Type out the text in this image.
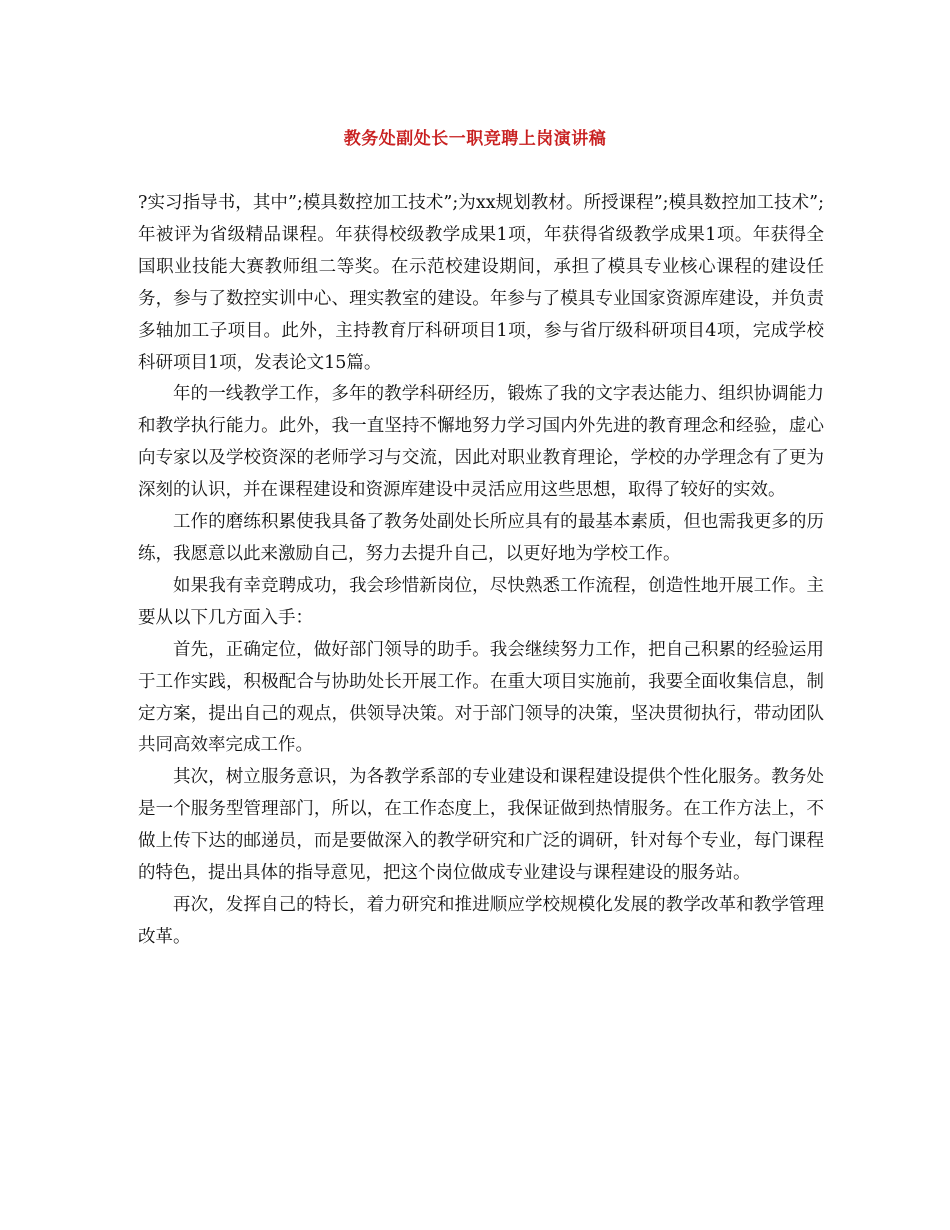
教务处副处长一职竞聘上岗演讲稿

?实习指导书，其中”;模具数控加工技术”;为xx规划教材。所授课程”;模具数控加工技术”; 年被评为省级精品课程。年获得校级教学成果1项，年获得省级教学成果1项。年获得全国职业技能大赛教师组二等奖。在示范校建设期间，承担了模具专业核心课程的建设任务，参与了数控实训中心、理实教室的建设。年参与了模具专业国家资源库建设，并负责多轴加工子项目。此外，主持教育厅科研项目1项，参与省厅级科研项目4项，完成学校科研项目1项，发表论文15篇。

年的一线教学工作，多年的教学科研经历，锻炼了我的文字表达能力、组织协调能力和教学执行能力。此外，我一直坚持不懈地努力学习国内外先进的教育理念和经验，虚心向专家以及学校资深的老师学习与交流，因此对职业教育理论，学校的办学理念有了更为深刻的认识，并在课程建设和资源库建设中灵活应用这些思想，取得了较好的实效。

工作的磨练积累使我具备了教务处副处长所应具有的最基本素质，但也需我更多的历练，我愿意以此来激励自己，努力去提升自己，以更好地为学校工作。

如果我有幸竞聘成功，我会珍惜新岗位，尽快熟悉工作流程，创造性地开展工作。主要从以下几方面入手：

首先，正确定位，做好部门领导的助手。我会继续努力工作，把自己积累的经验运用于工作实践，积极配合与协助处长开展工作。在重大项目实施前，我要全面收集信息，制定方案，提出自己的观点，供领导决策。对于部门领导的决策，坚决贯彻执行，带动团队共同高效率完成工作。

其次，树立服务意识，为各教学系部的专业建设和课程建设提供个性化服务。教务处是一个服务型管理部门，所以，在工作态度上，我保证做到热情服务。在工作方法上，不做上传下达的邮递员，而是要做深入的教学研究和广泛的调研，针对每个专业，每门课程的特色，提出具体的指导意见，把这个岗位做成专业建设与课程建设的服务站。

再次，发挥自己的特长，着力研究和推进顺应学校规模化发展的教学改革和教学管理改革。
